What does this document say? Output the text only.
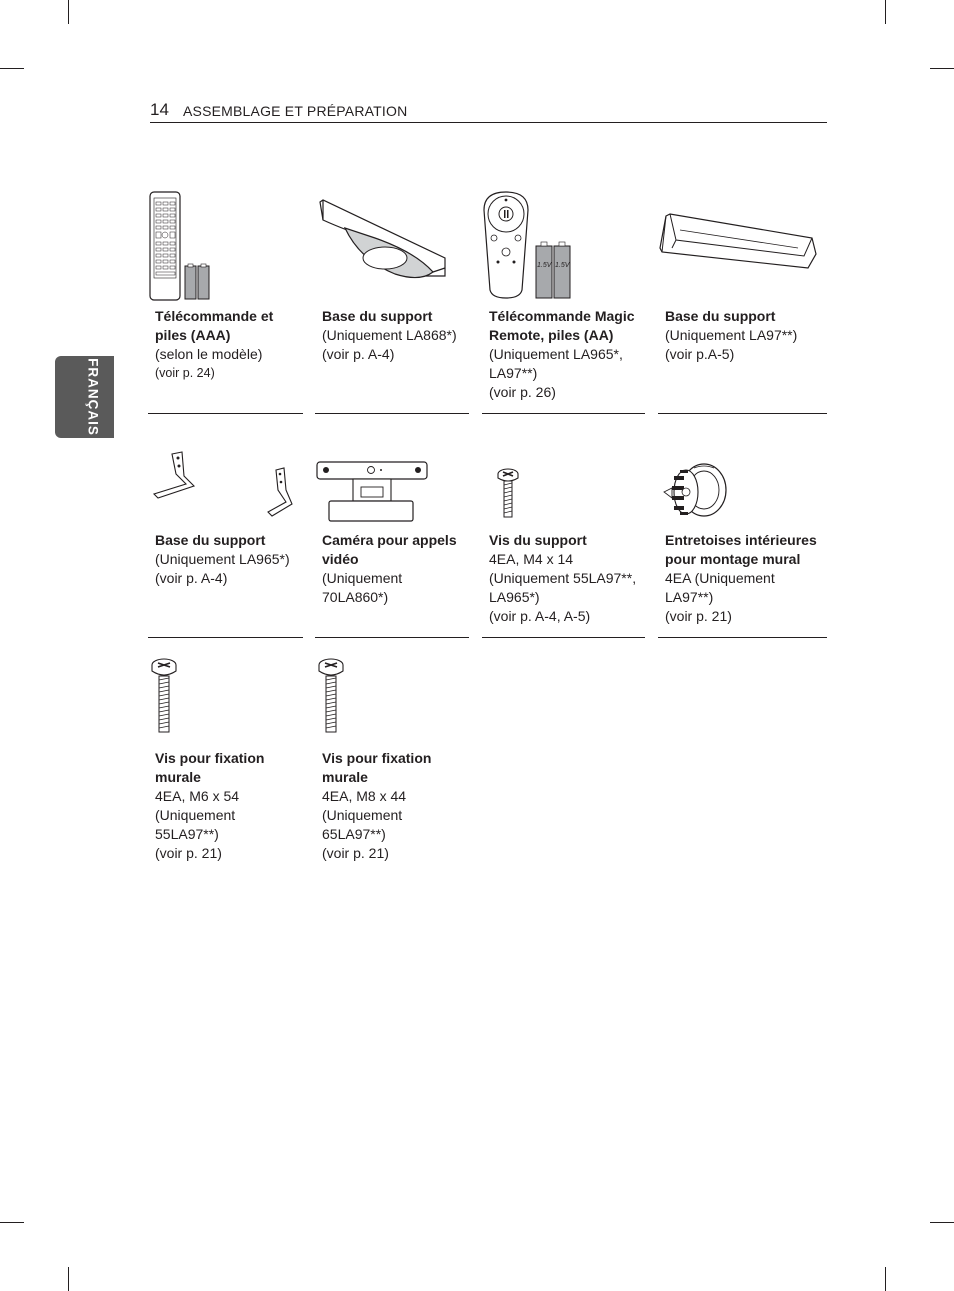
14 ASSEMBLAGE ET PRÉPARATION
FRANÇAIS
Télécommande et
piles (AAA)
(selon le modèle)
(voir p. 24)
Base du support
(Uniquement LA868*)
(voir p. A-4)
1.5V 1.5V
Télécommande Magic
Remote, piles (AA)
(Uniquement LA965*,
LA97**)
(voir p. 26)
Base du support
(Uniquement LA97**)
(voir p.A-5)
Base du support
(Uniquement LA965*)
(voir p. A-4)
Caméra pour appels
vidéo
(Uniquement
70LA860*)
Vis du support
4EA, M4 x 14
(Uniquement 55LA97**,
LA965*)
(voir p. A-4, A-5)
Entretoises intérieures
pour montage mural
4EA (Uniquement
LA97**)
(voir p. 21)
Vis pour fixation
murale
4EA, M6 x 54
(Uniquement
55LA97**)
(voir p. 21)
Vis pour fixation
murale
4EA, M8 x 44
(Uniquement
65LA97**)
(voir p. 21)
